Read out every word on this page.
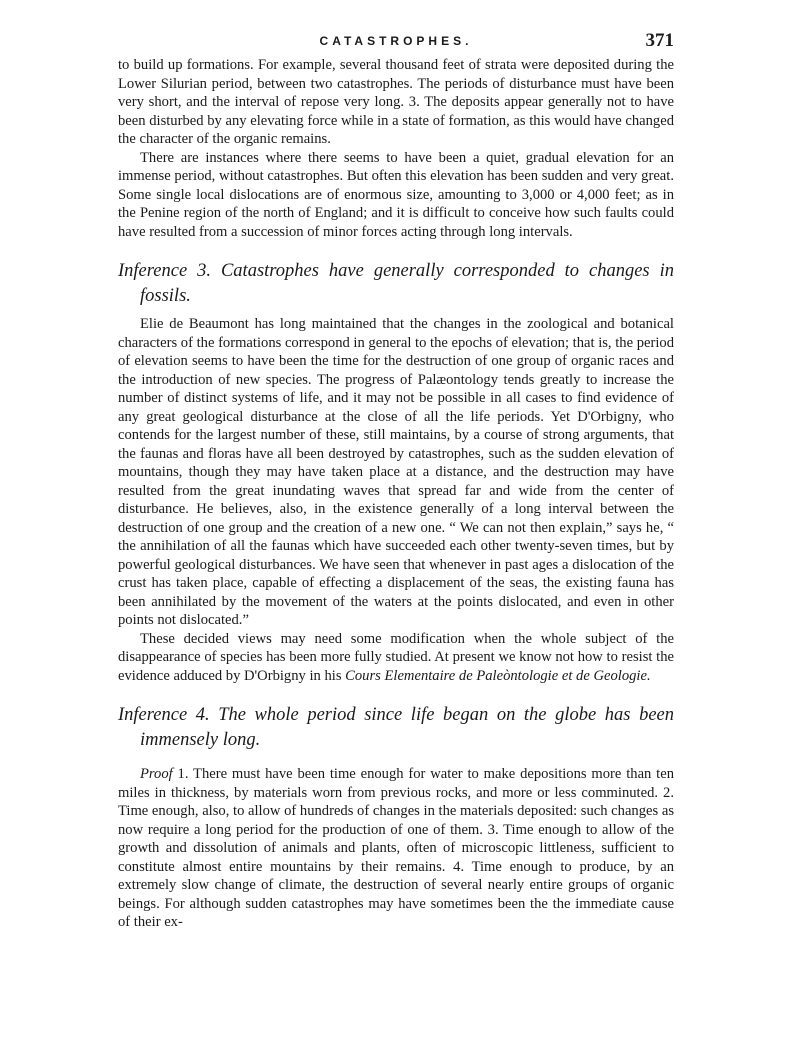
CATASTROPHES.	371

to build up formations. For example, several thousand feet of strata were deposited during the Lower Silurian period, between two catastrophes. The periods of disturbance must have been very short, and the interval of repose very long. 3. The deposits appear generally not to have been disturbed by any elevating force while in a state of formation, as this would have changed the character of the organic remains.

There are instances where there seems to have been a quiet, gradual elevation for an immense period, without catastrophes. But often this elevation has been sudden and very great. Some single local dislocations are of enormous size, amounting to 3,000 or 4,000 feet; as in the Penine region of the north of England; and it is difficult to conceive how such faults could have resulted from a succession of minor forces acting through long intervals.

Inference 3. Catastrophes have generally corresponded to changes in fossils.

Elie de Beaumont has long maintained that the changes in the zoological and botanical characters of the formations correspond in general to the epochs of elevation; that is, the period of elevation seems to have been the time for the destruction of one group of organic races and the introduction of new species. The progress of Palæontology tends greatly to increase the number of distinct systems of life, and it may not be possible in all cases to find evidence of any great geological disturbance at the close of all the life periods. Yet D'Orbigny, who contends for the largest number of these, still maintains, by a course of strong arguments, that the faunas and floras have all been destroyed by catastrophes, such as the sudden elevation of mountains, though they may have taken place at a distance, and the destruction may have resulted from the great inundating waves that spread far and wide from the center of disturbance. He believes, also, in the existence generally of a long interval between the destruction of one group and the creation of a new one. “ We can not then explain,” says he, “ the annihilation of all the faunas which have succeeded each other twenty-seven times, but by powerful geological disturbances. We have seen that whenever in past ages a dislocation of the crust has taken place, capable of effecting a displacement of the seas, the existing fauna has been annihilated by the movement of the waters at the points dislocated, and even in other points not dislocated.”

These decided views may need some modification when the whole subject of the disappearance of species has been more fully studied. At present we know not how to resist the evidence adduced by D'Orbigny in his Cours Elementaire de Paleòntologie et de Geologie.

Inference 4. The whole period since life began on the globe has been immensely long.

Proof 1. There must have been time enough for water to make depositions more than ten miles in thickness, by materials worn from previous rocks, and more or less comminuted. 2. Time enough, also, to allow of hundreds of changes in the materials deposited: such changes as now require a long period for the production of one of them. 3. Time enough to allow of the growth and dissolution of animals and plants, often of microscopic littleness, sufficient to constitute almost entire mountains by their remains. 4. Time enough to produce, by an extremely slow change of climate, the destruction of several nearly entire groups of organic beings. For although sudden catastrophes may have sometimes been the the immediate cause of their ex-
